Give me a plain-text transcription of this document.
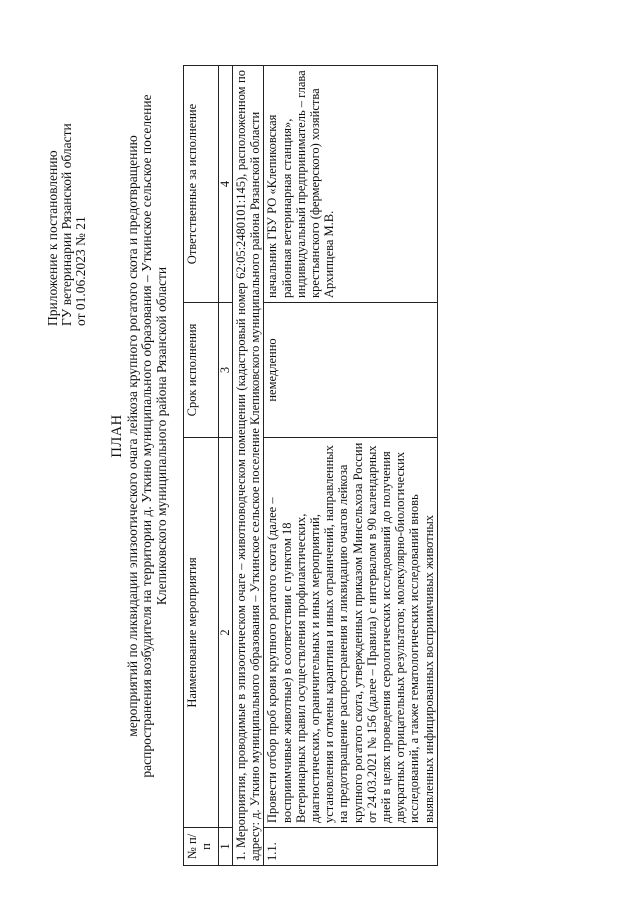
Приложение к постановлению ГУ ветеринарии Рязанской области от 01.06.2023 № 21
ПЛАН мероприятий по ликвидации эпизоотического очага лейкоза крупного рогатого скота и предотвращению распространения возбудителя на территории д. Уткино муниципального образования – Уткинское сельское поселение Клепиковского муниципального района Рязанской области
№ п/п	Наименование мероприятия	Срок исполнения	Ответственные за исполнение
1	2	3	4
1. Мероприятия, проводимые в эпизоотическом очаге – животноводческом помещении (кадастровый номер 62:05:2480101:145), расположенном по адресу: д. Уткино муниципального образования – Уткинское сельское поселение Клепиковского муниципального района Рязанской области			
1.1.	Провести отбор проб крови крупного рогатого скота (далее – восприимчивые животные) в соответствии с пунктом 18 Ветеринарных правил осуществления профилактических, диагностических, ограничительных и иных мероприятий, установления и отмены карантина и иных ограничений, направленных на предотвращение распространения и ликвидацию очагов лейкоза крупного рогатого скота, утвержденных приказом Минсельхоза России от 24.03.2021 № 156 (далее – Правила) с интервалом в 90 календарных дней в целях проведения серологических исследований до получения двукратных отрицательных результатов; молекулярно-биологических исследований, а также гематологических исследований вновь выявленных инфицированных восприимчивых животных	немедленно	начальник ГБУ РО «Клепиковская районная ветеринарная станция», индивидуальный предприниматель – глава крестьянского (фермерского) хозяйства Архипцева М.В.
